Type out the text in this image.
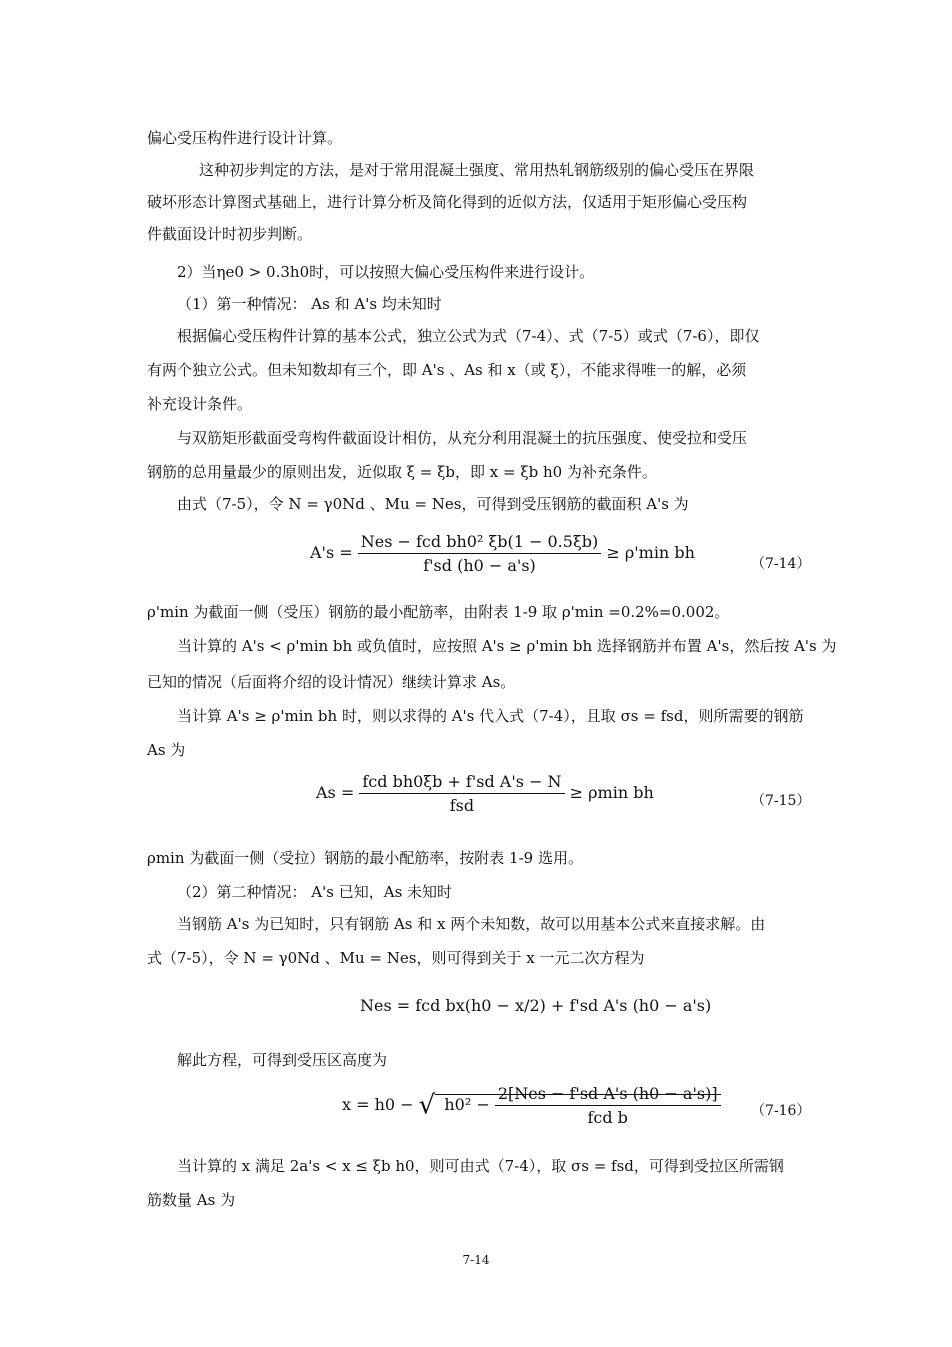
偏心受压构件进行设计计算。
这种初步判定的方法，是对于常用混凝土强度、常用热轧钢筋级别的偏心受压在界限
破坏形态计算图式基础上，进行计算分析及简化得到的近似方法，仅适用于矩形偏心受压构
件截面设计时初步判断。
2）当ηe0 > 0.3h0时，可以按照大偏心受压构件来进行设计。
（1）第一种情况： As 和 A's 均未知时
根据偏心受压构件计算的基本公式，独立公式为式（7-4）、式（7-5）或式（7-6），即仅
有两个独立公式。但未知数却有三个，即 A's 、As 和 x（或 ξ），不能求得唯一的解，必须
补充设计条件。
与双筋矩形截面受弯构件截面设计相仿，从充分利用混凝土的抗压强度、使受拉和受压
钢筋的总用量最少的原则出发，近似取 ξ = ξb，即 x = ξb h0 为补充条件。
由式（7-5），令 N = γ0Nd 、Mu = Nes，可得到受压钢筋的截面积 A's 为
$A's = \frac{\text{Nes − fcd bh0² ξb(1 − 0.5ξb)}}{f'sd (h0 - a's)} \ge \rho'\min$ bh
（7-14）
ρ'min 为截面一侧（受压）钢筋的最小配筋率，由附表 1-9 取 ρ'min =0.2%=0.002。
当计算的 A's < ρ'min bh 或负值时，应按照 A's ≥ ρ'min bh 选择钢筋并布置 A's，然后按 A's 为
已知的情况（后面将介绍的设计情况）继续计算求 As。
当计算 A's ≥ ρ'min bh 时，则以求得的 A's 代入式（7-4），且取 σs = fsd，则所需要的钢筋
As 为
$As = \frac{\text{fcd bh0ξb + f'sd A's − N}}{\text{fsd}} \ge \rho\min$ bh	（7-15）
ρmin 为截面一侧（受拉）钢筋的最小配筋率，按附表 1-9 选用。
（2）第二种情况： A's 已知，As 未知时
当钢筋 A's 为已知时，只有钢筋 As 和 x 两个未知数，故可以用基本公式来直接求解。由
式（7-5），令 N = γ0Nd 、Mu = Nes，则可得到关于 x 一元二次方程为
Nes = fcd bx(h0 − x/2) + f'sd A's (h0 − a's)
解此方程，可得到受压区高度为
x = h0 − √ $h0^2 - \frac{\text{2[Nes − f'sd A's (h0 − a's)]}}{\text{fcd b}} (7-16)$
当计算的 x 满足 2a's < x ≤ ξb h0，则可由式（7-4），取 σs = fsd，可得到受拉区所需钢
筋数量 As 为
7-14
